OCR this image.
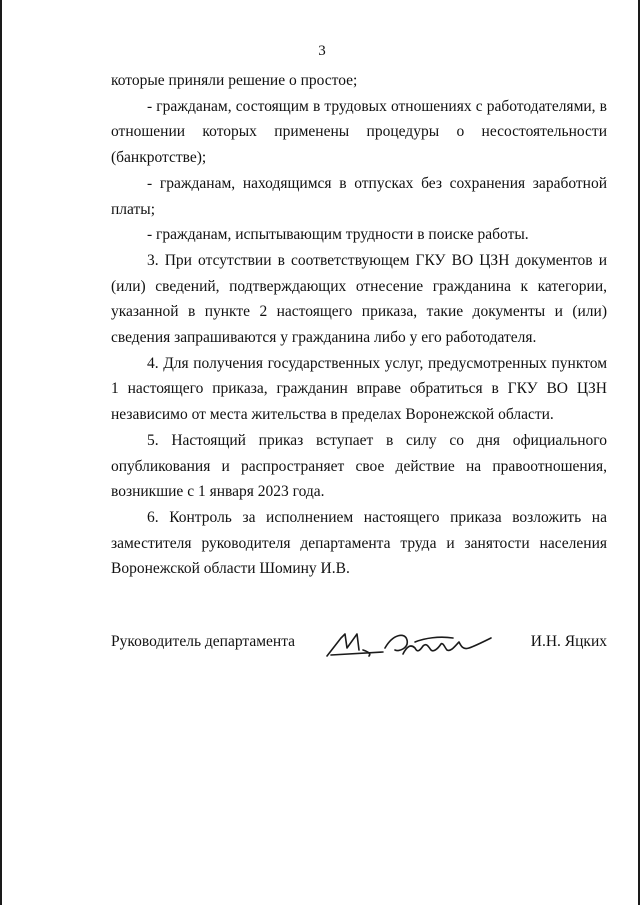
3

которые приняли решение о простое;

- гражданам, состоящим в трудовых отношениях с работодателями, в отношении которых применены процедуры о несостоятельности (банкротстве);

- гражданам, находящимся в отпусках без сохранения заработной платы;

- гражданам, испытывающим трудности в поиске работы.

3. При отсутствии в соответствующем ГКУ ВО ЦЗН документов и (или) сведений, подтверждающих отнесение гражданина к категории, указанной в пункте 2 настоящего приказа, такие документы и (или) сведения запрашиваются у гражданина либо у его работодателя.

4. Для получения государственных услуг, предусмотренных пунктом 1 настоящего приказа, гражданин вправе обратиться в ГКУ ВО ЦЗН независимо от места жительства в пределах Воронежской области.

5. Настоящий приказ вступает в силу со дня официального опубликования и распространяет свое действие на правоотношения, возникшие с 1 января 2023 года.

6. Контроль за исполнением настоящего приказа возложить на заместителя руководителя департамента труда и занятости населения Воронежской области Шомину И.В.

Руководитель департамента	И.Н. Яцких
